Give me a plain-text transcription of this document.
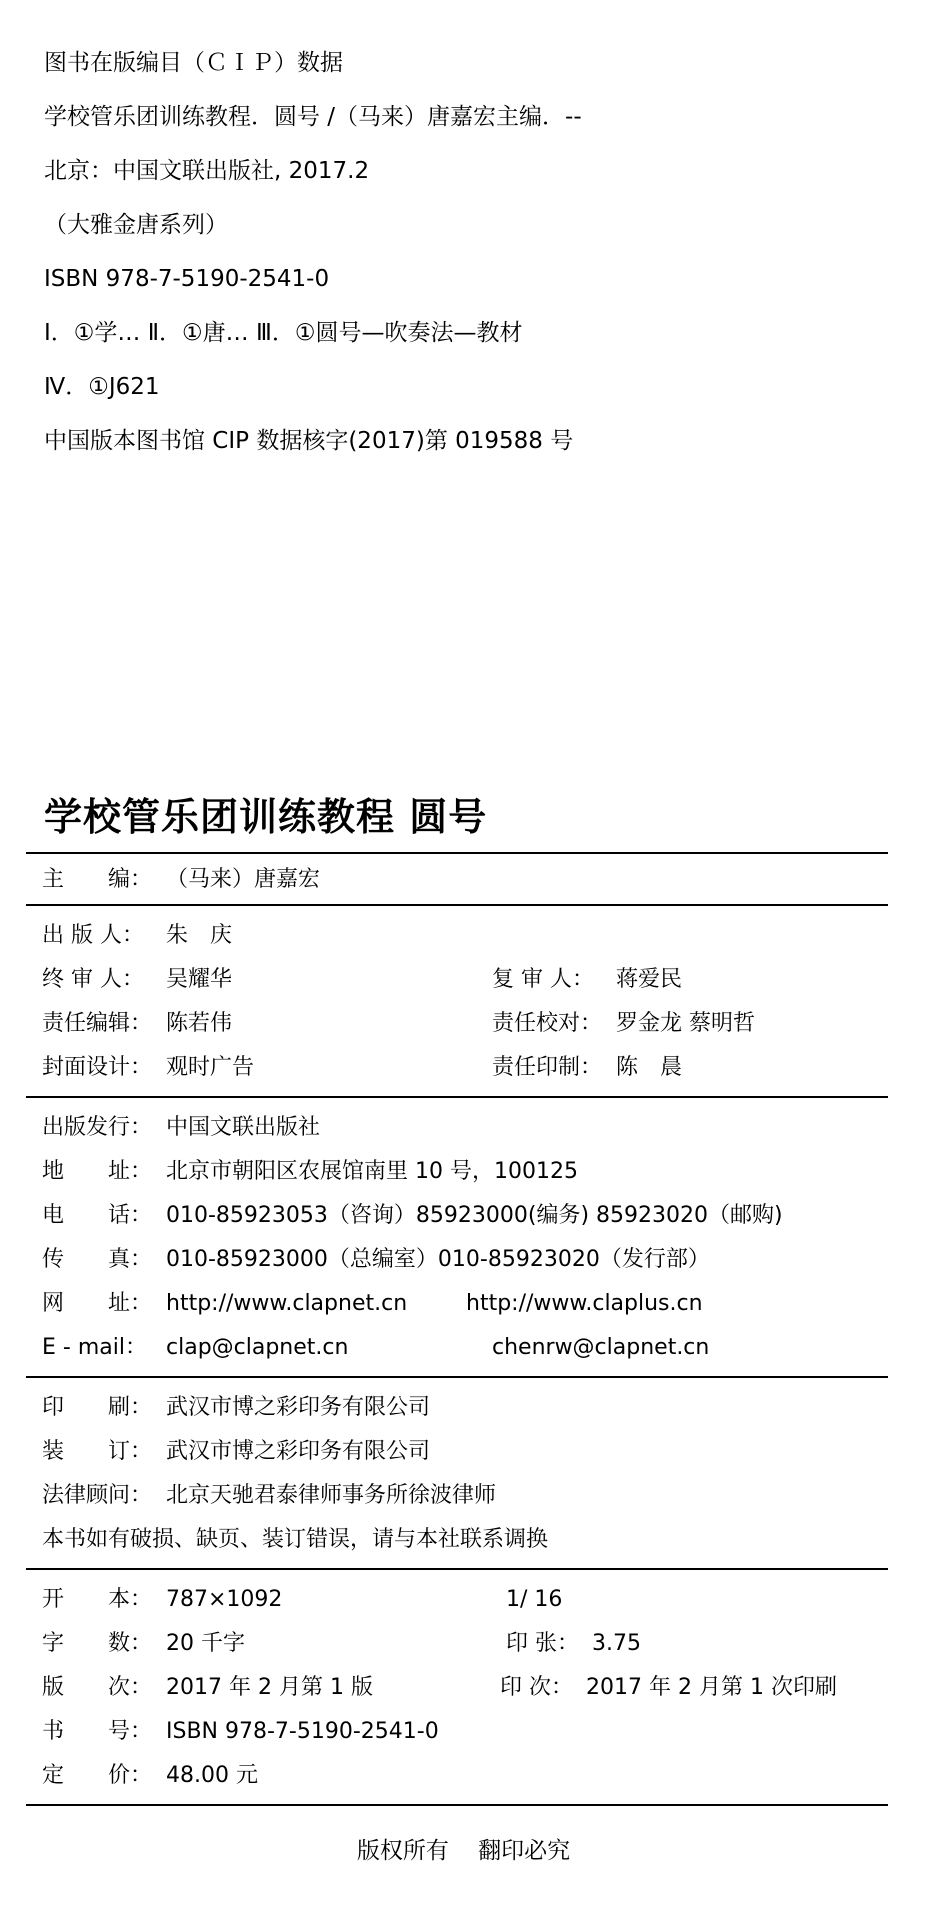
图书在版编目（ＣＩＰ）数据
学校管乐团训练教程．圆号 /（马来）唐嘉宏主编．--
北京：中国文联出版社, 2017.2
（大雅金唐系列）
ISBN 978-7-5190-2541-0
Ⅰ．①学… Ⅱ．①唐… Ⅲ．①圆号—吹奏法—教材
Ⅳ．①J621
中国版本图书馆 CIP 数据核字(2017)第 019588 号
学校管乐团训练教程 圆号
主　　编： （马来）唐嘉宏
出 版 人： 朱　庆
终 审 人： 吴耀华	复 审 人： 蒋爱民
责任编辑： 陈若伟	责任校对： 罗金龙 蔡明哲
封面设计： 观时广告	责任印制： 陈　晨
出版发行： 中国文联出版社
地　　址： 北京市朝阳区农展馆南里 10 号，100125
电　　话： 010-85923053（咨询）85923000(编务) 85923020（邮购)
传　　真： 010-85923000（总编室）010-85923020（发行部）
网　　址： http://www.clapnet.cn	http://www.claplus.cn
E - mail： clap@clapnet.cn	chenrw@clapnet.cn
印　　刷： 武汉市博之彩印务有限公司
装　　订： 武汉市博之彩印务有限公司
法律顾问： 北京天驰君泰律师事务所徐波律师
本书如有破损、缺页、装订错误，请与本社联系调换
开　　本： 787×1092	1/ 16
字　　数： 20 千字	印 张： 3.75
版　　次： 2017 年 2 月第 1 版	印 次： 2017 年 2 月第 1 次印刷
书　　号： ISBN 978-7-5190-2541-0
定　　价： 48.00 元
版权所有    翻印必究
